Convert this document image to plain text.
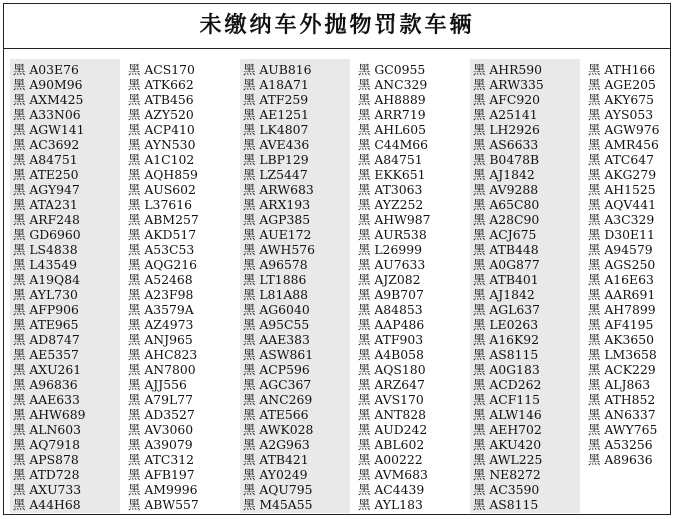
未缴纳车外抛物罚款车辆
黑 A03E76
黑 A90M96
黑 AXM425
黑 A33N06
黑 AGW141
黑 AC3692
黑 A84751
黑 ATE250
黑 AGY947
黑 ATA231
黑 ARF248
黑 GD6960
黑 LS4838
黑 L43549
黑 A19Q84
黑 AYL730
黑 AFP906
黑 ATE965
黑 AD8747
黑 AE5357
黑 AXU261
黑 A96836
黑 AAE633
黑 AHW689
黑 ALN603
黑 AQ7918
黑 APS878
黑 ATD728
黑 AXU733
黑 A44H68
黑 ACS170
黑 ATK662
黑 ATB456
黑 AZY520
黑 ACP410
黑 AYN530
黑 A1C102
黑 AQH859
黑 AUS602
黑 L37616
黑 ABM257
黑 AKD517
黑 A53C53
黑 AQG216
黑 A52468
黑 A23F98
黑 A3579A
黑 AZ4973
黑 ANJ965
黑 AHC823
黑 AN7800
黑 AJJ556
黑 A79L77
黑 AD3527
黑 AV3060
黑 A39079
黑 ATC312
黑 AFB197
黑 AM9996
黑 ABW557
黑 AUB816
黑 A18A71
黑 ATF259
黑 AE1251
黑 LK4807
黑 AVE436
黑 LBP129
黑 LZ5447
黑 ARW683
黑 ARX193
黑 AGP385
黑 AUE172
黑 AWH576
黑 A96578
黑 LT1886
黑 L81A88
黑 AG6040
黑 A95C55
黑 AAE383
黑 ASW861
黑 ACP596
黑 AGC367
黑 ANC269
黑 ATE566
黑 AWK028
黑 A2G963
黑 ATB421
黑 AY0249
黑 AQU795
黑 M45A55
黑 GC0955
黑 ANC329
黑 AH8889
黑 ARR719
黑 AHL605
黑 C44M66
黑 A84751
黑 EKK651
黑 AT3063
黑 AYZ252
黑 AHW987
黑 AUR538
黑 L26999
黑 AU7633
黑 AJZ082
黑 A9B707
黑 A84853
黑 AAP486
黑 ATF903
黑 A4B058
黑 AQS180
黑 ARZ647
黑 AVS170
黑 ANT828
黑 AUD242
黑 ABL602
黑 A00222
黑 AVM683
黑 AC4439
黑 AYL183
黑 AHR590
黑 ARW335
黑 AFC920
黑 A25141
黑 LH2926
黑 AS6633
黑 B0478B
黑 AJ1842
黑 AV9288
黑 A65C80
黑 A28C90
黑 ACJ675
黑 ATB448
黑 A0G877
黑 ATB401
黑 AJ1842
黑 AGL637
黑 LE0263
黑 A16K92
黑 AS8115
黑 A0G183
黑 ACD262
黑 ACF115
黑 ALW146
黑 AEH702
黑 AKU420
黑 AWL225
黑 NE8272
黑 AC3590
黑 AS8115
黑 ATH166
黑 AGE205
黑 AKY675
黑 AYS053
黑 AGW976
黑 AMR456
黑 ATC647
黑 AKG279
黑 AH1525
黑 AQV441
黑 A3C329
黑 D30E11
黑 A94579
黑 AGS250
黑 A16E63
黑 AAR691
黑 AH7899
黑 AF4195
黑 AK3650
黑 LM3658
黑 ACK229
黑 ALJ863
黑 ATH852
黑 AN6337
黑 AWY765
黑 A53256
黑 A89636
